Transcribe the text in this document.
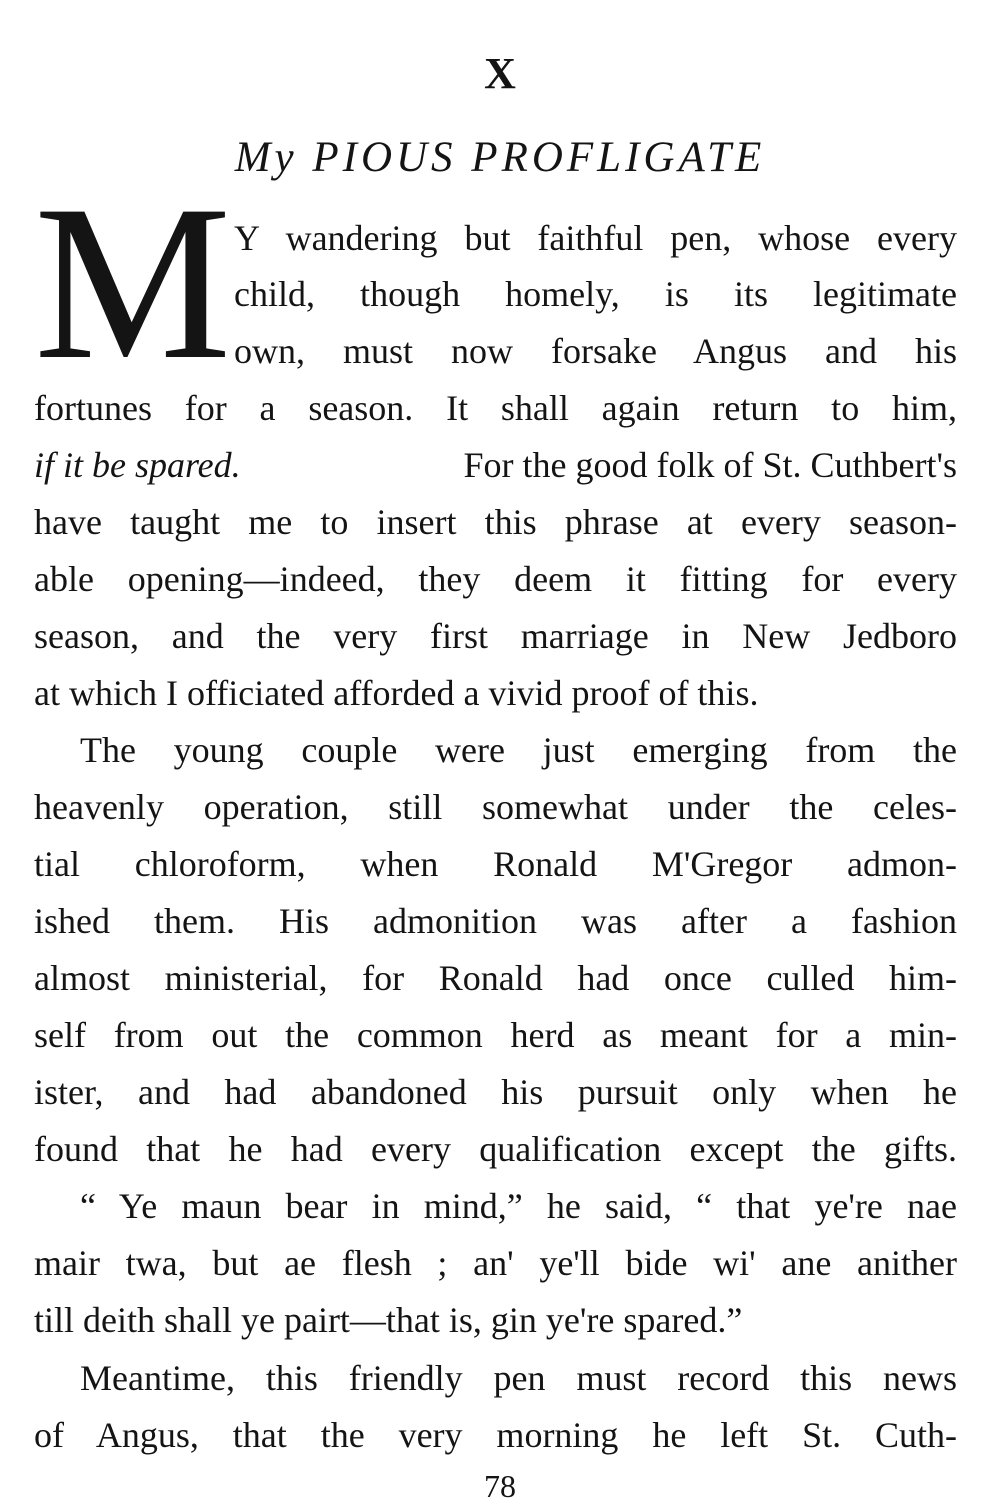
X
My PIOUS PROFLIGATE
M Y wandering but faithful pen, whose every
child, though homely, is its legitimate
own, must now forsake Angus and his
fortunes for a season. It shall again return to him,
if it be spared.	For the good folk of St. Cuthbert's
have taught me to insert this phrase at every season-
able opening—indeed, they deem it fitting for every
season, and the very first marriage in New Jedboro
at which I officiated afforded a vivid proof of this.
The young couple were just emerging from the
heavenly operation, still somewhat under the celes-
tial chloroform, when Ronald M'Gregor admon-
ished them. His admonition was after a fashion
almost ministerial, for Ronald had once culled him-
self from out the common herd as meant for a min-
ister, and had abandoned his pursuit only when he
found that he had every qualification except the gifts.
“ Ye maun bear in mind,” he said, “ that ye're nae
mair twa, but ae flesh ; an' ye'll bide wi' ane anither
till deith shall ye pairt—that is, gin ye're spared.”
Meantime, this friendly pen must record this news
of Angus, that the very morning he left St. Cuth-
78
